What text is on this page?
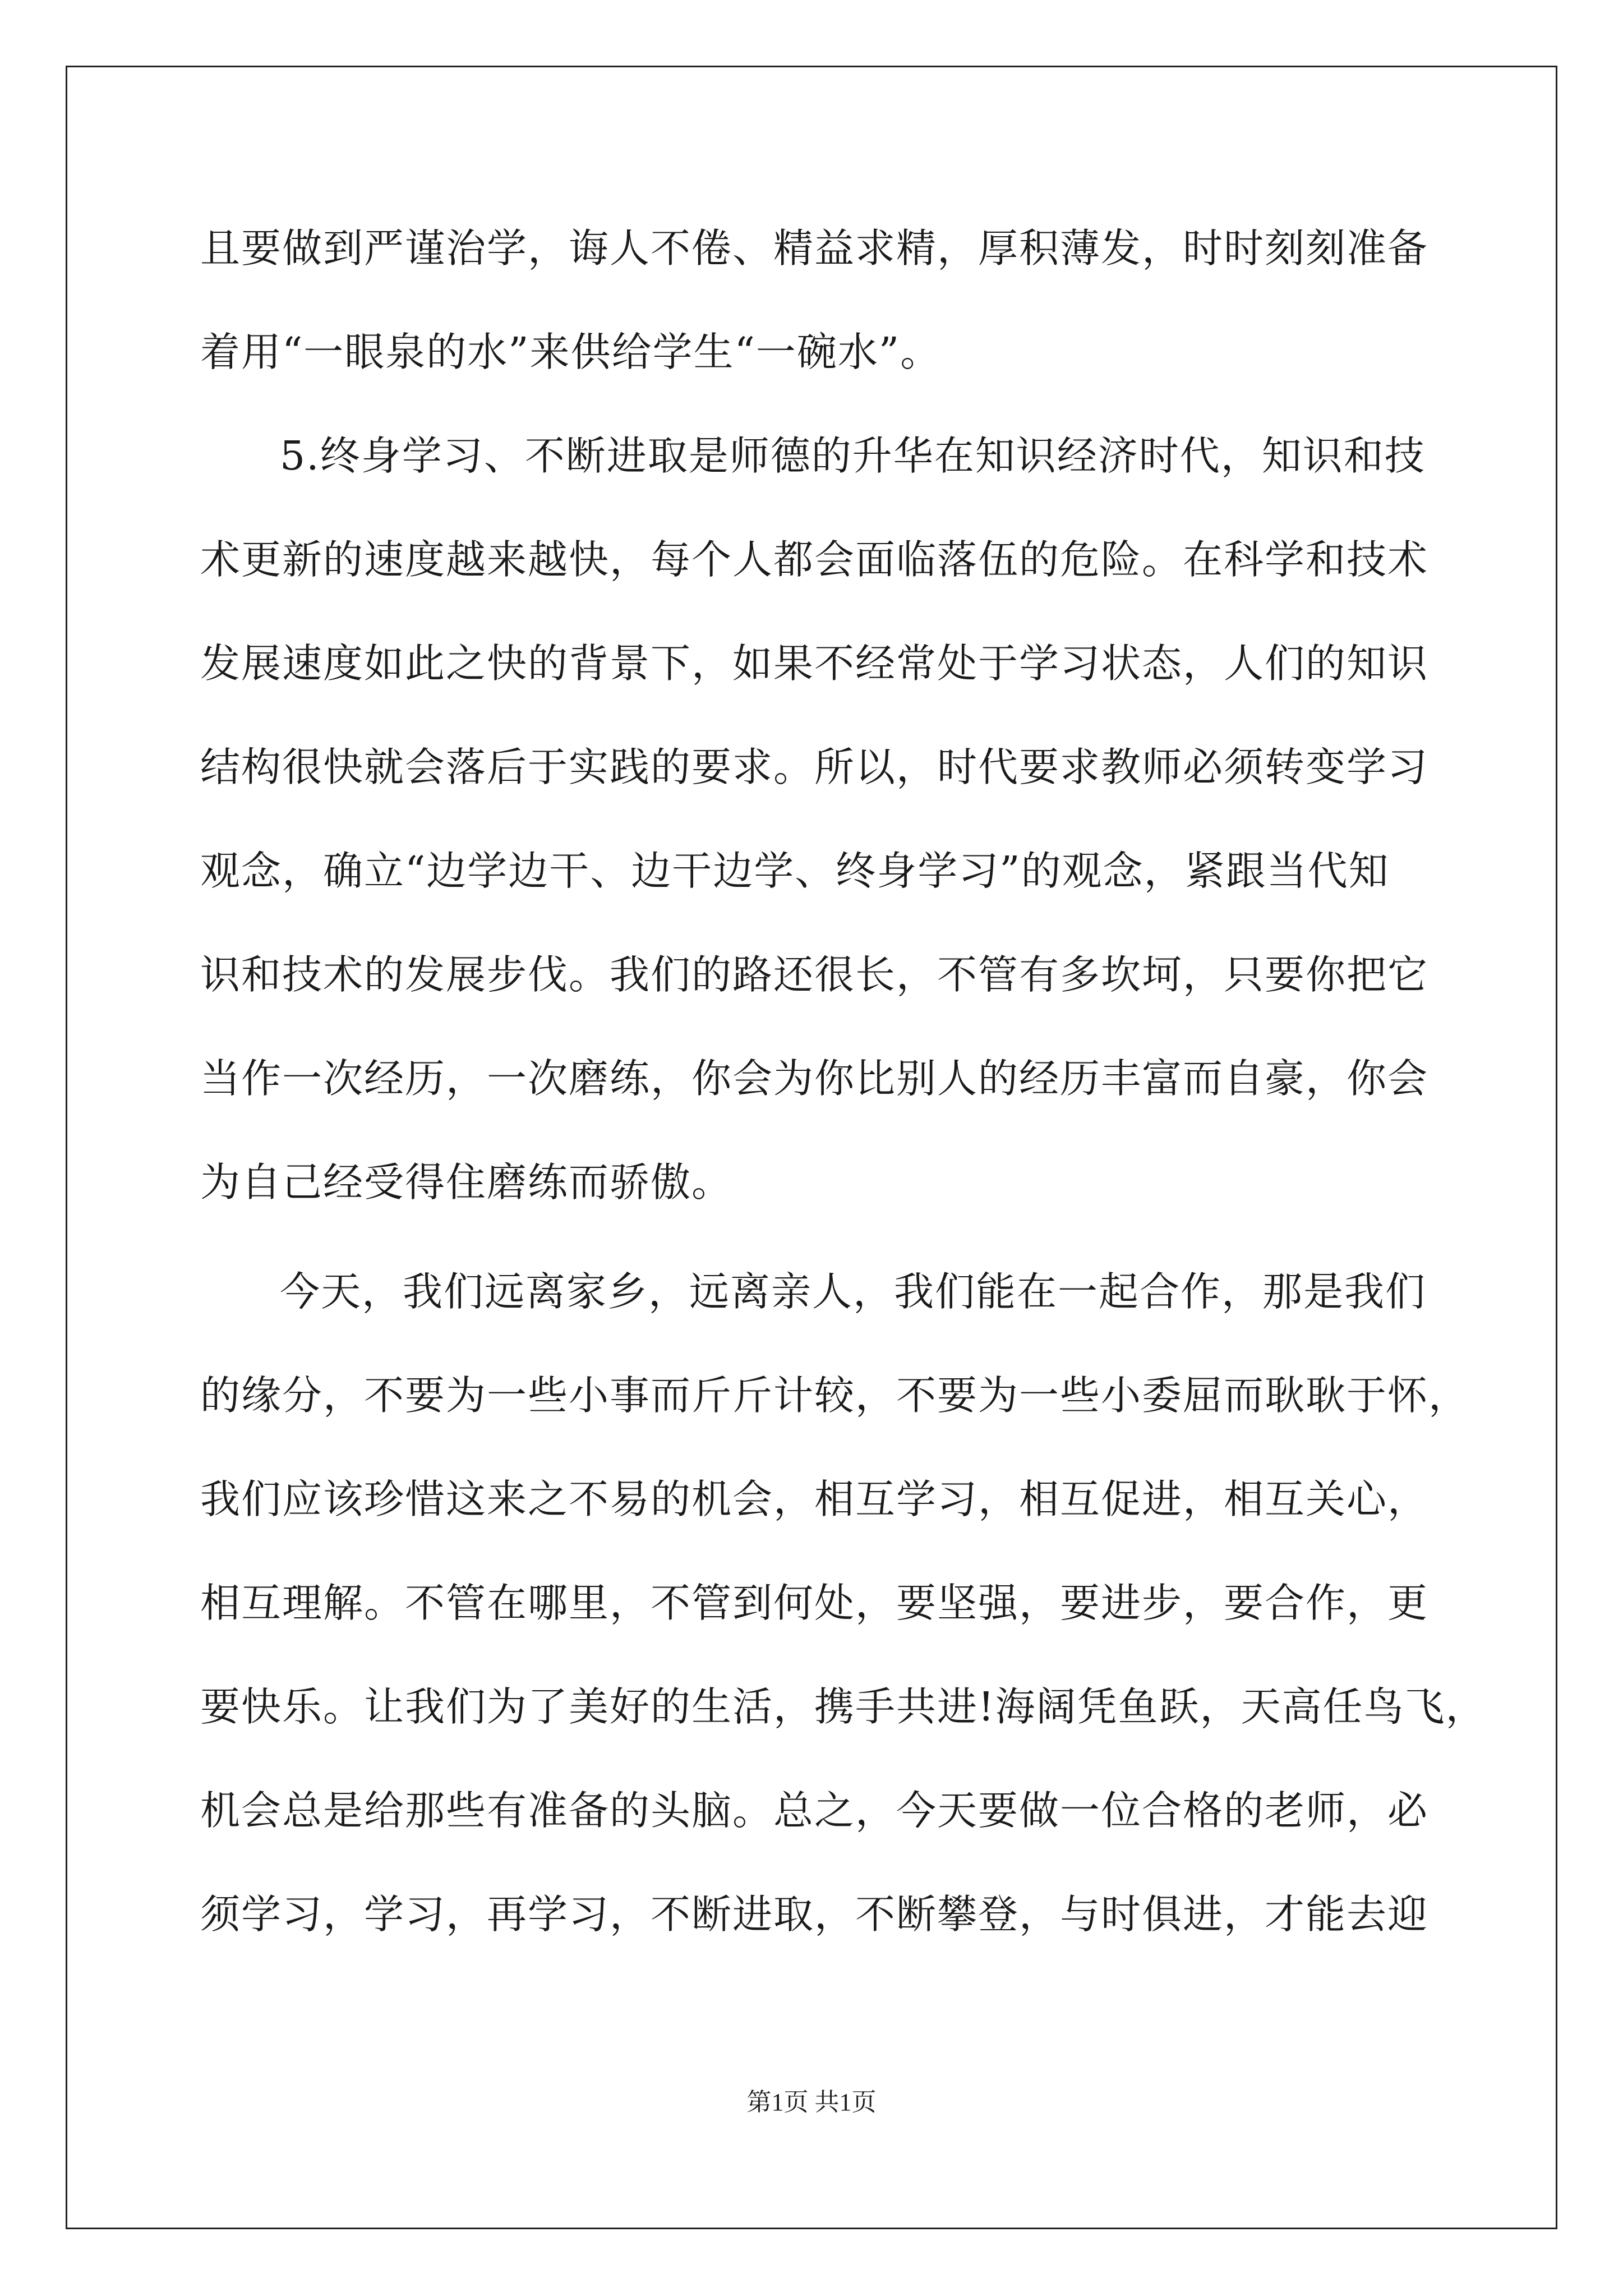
且要做到严谨治学，诲人不倦、精益求精，厚积薄发，时时刻刻准备
着用“一眼泉的水”来供给学生“一碗水”。
5.终身学习、不断进取是师德的升华在知识经济时代，知识和技
术更新的速度越来越快，每个人都会面临落伍的危险。在科学和技术
发展速度如此之快的背景下，如果不经常处于学习状态，人们的知识
结构很快就会落后于实践的要求。所以，时代要求教师必须转变学习
观念，确立“边学边干、边干边学、终身学习”的观念，紧跟当代知
识和技术的发展步伐。我们的路还很长，不管有多坎坷，只要你把它
当作一次经历，一次磨练，你会为你比别人的经历丰富而自豪，你会
为自己经受得住磨练而骄傲。
今天，我们远离家乡，远离亲人，我们能在一起合作，那是我们
的缘分，不要为一些小事而斤斤计较，不要为一些小委屈而耿耿于怀，
我们应该珍惜这来之不易的机会，相互学习，相互促进，相互关心，
相互理解。不管在哪里，不管到何处，要坚强，要进步，要合作，更
要快乐。让我们为了美好的生活，携手共进!海阔凭鱼跃，天高任鸟飞，
机会总是给那些有准备的头脑。总之，今天要做一位合格的老师，必
须学习，学习，再学习，不断进取，不断攀登，与时俱进，才能去迎
第1页 共1页
